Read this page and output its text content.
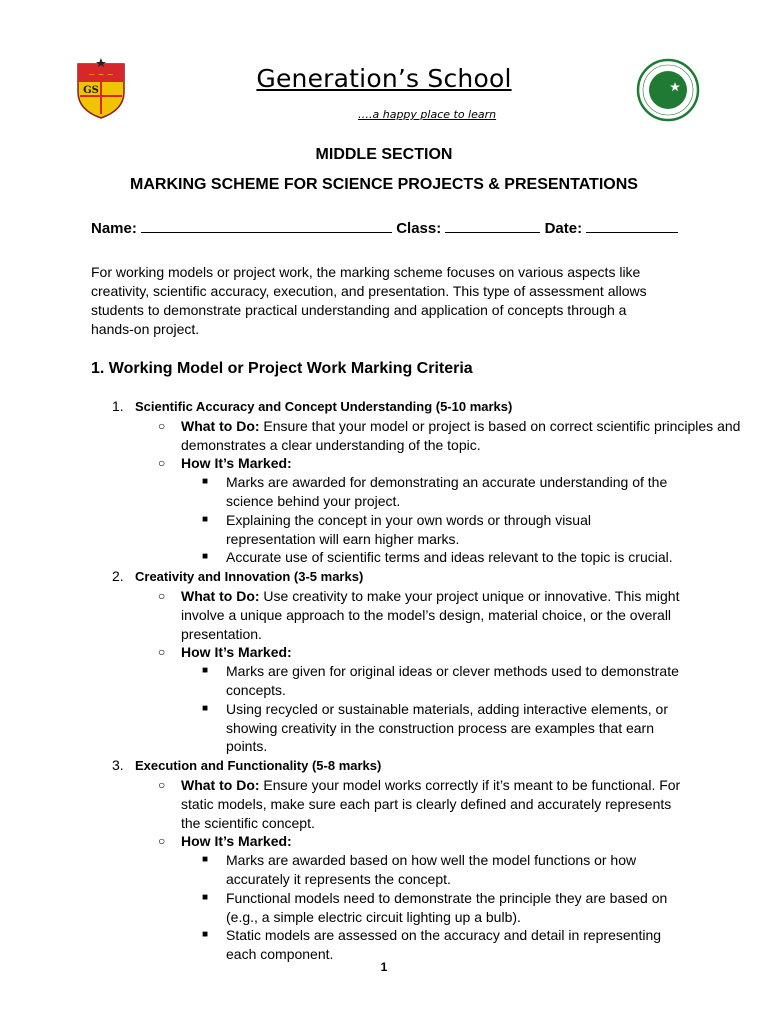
~ ~ ~
GS	Generation’s School
….a happy place to learn
MIDDLE SECTION
MARKING SCHEME FOR SCIENCE PROJECTS & PRESENTATIONS
Name:	Class:	Date:
For working models or project work, the marking scheme focuses on various aspects like creativity, scientific accuracy, execution, and presentation. This type of assessment allows students to demonstrate practical understanding and application of concepts through a hands-on project.
1. Working Model or Project Work Marking Criteria
1. Scientific Accuracy and Concept Understanding (5-10 marks)
○ What to Do: Ensure that your model or project is based on correct scientific principles and demonstrates a clear understanding of the topic.
○ How It’s Marked:
■ Marks are awarded for demonstrating an accurate understanding of the science behind your project.
■ Explaining the concept in your own words or through visual representation will earn higher marks.
■ Accurate use of scientific terms and ideas relevant to the topic is crucial.
2. Creativity and Innovation (3-5 marks)
○ What to Do: Use creativity to make your project unique or innovative. This might involve a unique approach to the model’s design, material choice, or the overall presentation.
○ How It’s Marked:
■ Marks are given for original ideas or clever methods used to demonstrate concepts.
■ Using recycled or sustainable materials, adding interactive elements, or showing creativity in the construction process are examples that earn points.
3. Execution and Functionality (5-8 marks)
○ What to Do: Ensure your model works correctly if it’s meant to be functional. For static models, make sure each part is clearly defined and accurately represents the scientific concept.
○ How It’s Marked:
■ Marks are awarded based on how well the model functions or how accurately it represents the concept.
■ Functional models need to demonstrate the principle they are based on (e.g., a simple electric circuit lighting up a bulb).
■ Static models are assessed on the accuracy and detail in representing each component.
1
